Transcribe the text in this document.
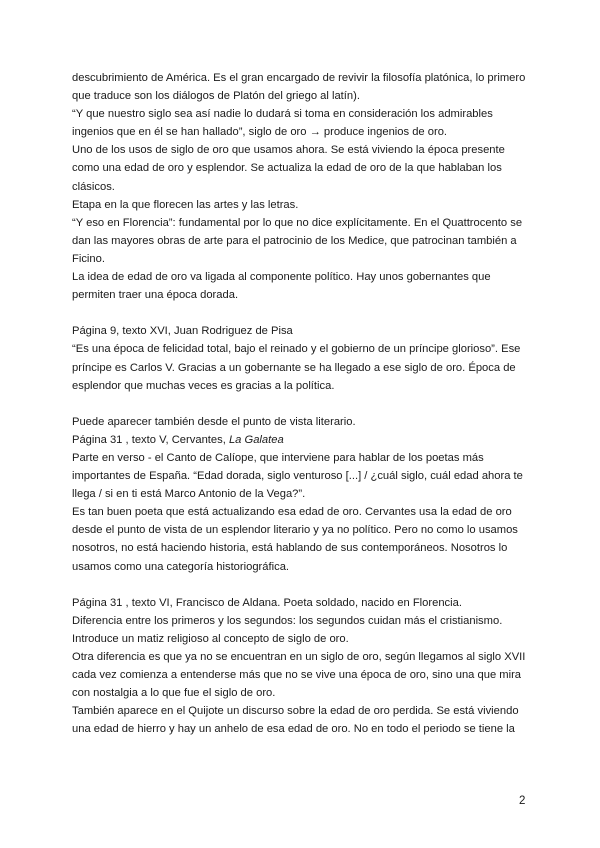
descubrimiento de América. Es el gran encargado de revivir la filosofía platónica, lo primero
que traduce son los diálogos de Platón del griego al latín).
“Y que nuestro siglo sea así nadie lo dudará si toma en consideración los admirables
ingenios que en él se han hallado”, siglo de oro → produce ingenios de oro.
Uno de los usos de siglo de oro que usamos ahora. Se está viviendo la época presente
como una edad de oro y esplendor. Se actualiza la edad de oro de la que hablaban los
clásicos.
Etapa en la que florecen las artes y las letras.
“Y eso en Florencia”: fundamental por lo que no dice explícitamente. En el Quattrocento se
dan las mayores obras de arte para el patrocinio de los Medice, que patrocinan también a
Ficino.
La idea de edad de oro va ligada al componente político. Hay unos gobernantes que
permiten traer una época dorada.
Página 9, texto XVI, Juan Rodriguez de Pisa
“Es una época de felicidad total, bajo el reinado y el gobierno de un príncipe glorioso”. Ese
príncipe es Carlos V. Gracias a un gobernante se ha llegado a ese siglo de oro. Época de
esplendor que muchas veces es gracias a la política.
Puede aparecer también desde el punto de vista literario.
Página 31 , texto V, Cervantes, La Galatea
Parte en verso - el Canto de Calíope, que interviene para hablar de los poetas más
importantes de España. “Edad dorada, siglo venturoso [...] / ¿cuál siglo, cuál edad ahora te
llega / si en ti está Marco Antonio de la Vega?”.
Es tan buen poeta que está actualizando esa edad de oro. Cervantes usa la edad de oro
desde el punto de vista de un esplendor literario y ya no político. Pero no como lo usamos
nosotros, no está haciendo historia, está hablando de sus contemporáneos. Nosotros lo
usamos como una categoría historiográfica.
Página 31 , texto VI, Francisco de Aldana. Poeta soldado, nacido en Florencia.
Diferencia entre los primeros y los segundos: los segundos cuidan más el cristianismo.
Introduce un matiz religioso al concepto de siglo de oro.
Otra diferencia es que ya no se encuentran en un siglo de oro, según llegamos al siglo XVII
cada vez comienza a entenderse más que no se vive una época de oro, sino una que mira
con nostalgia a lo que fue el siglo de oro.
También aparece en el Quijote un discurso sobre la edad de oro perdida. Se está viviendo
una edad de hierro y hay un anhelo de esa edad de oro. No en todo el periodo se tiene la
2
